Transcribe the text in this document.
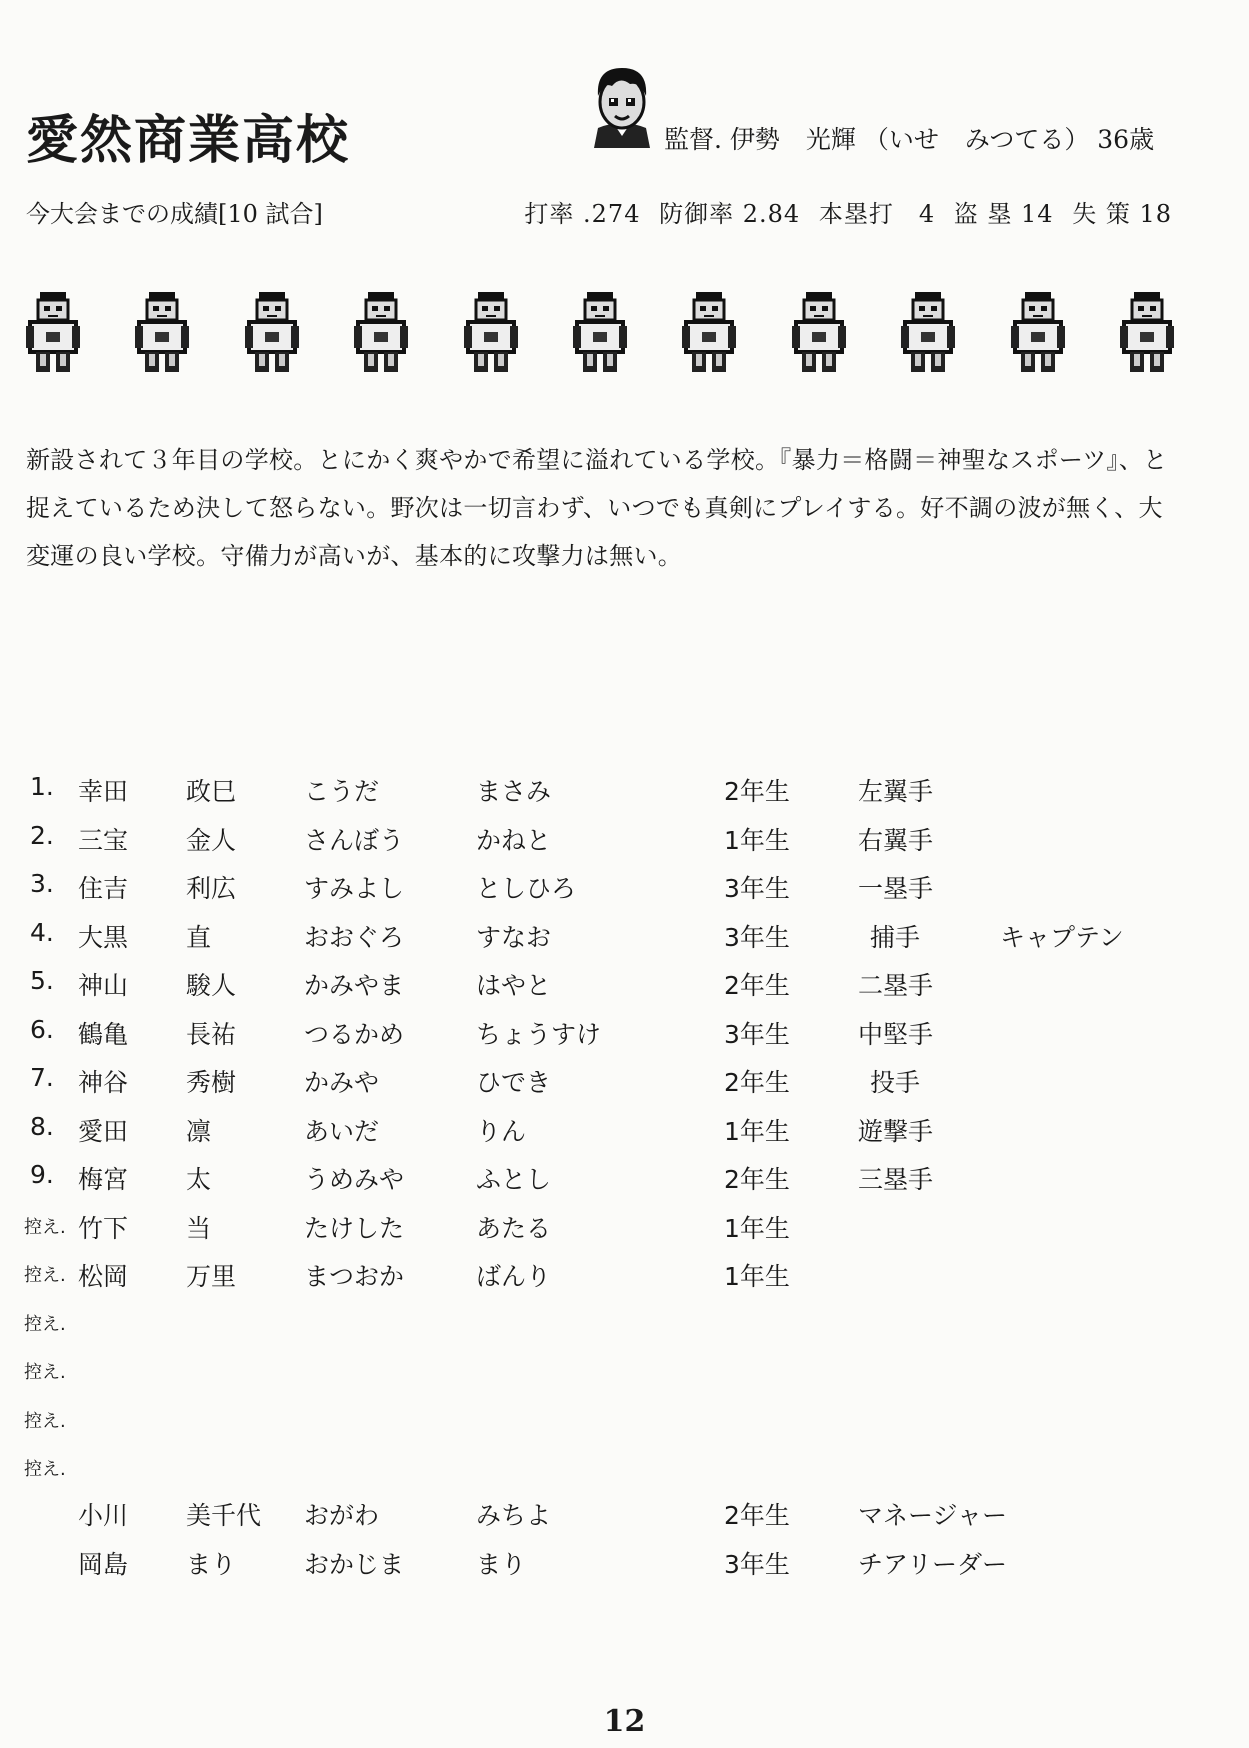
愛然商業高校	監督. 伊勢 光輝 （いせ みつてる） 36歳
今大会までの成績[10 試合]	打率 .274 防御率 2.84 本塁打　4 盗 塁 14 失 策 18

新設されて３年目の学校。とにかく爽やかで希望に溢れている学校。『暴力＝格闘＝神聖なスポーツ』、と捉えているため決して怒らない。野次は一切言わず、いつでも真剣にプレイする。好不調の波が無く、大変運の良い学校。守備力が高いが、基本的に攻撃力は無い。

1. 幸田 政巳	こうだ	まさみ	2年生	左翼手
2. 三宝 金人	さんぼう	かねと	1年生	右翼手
3. 住吉 利広	すみよし	としひろ	3年生	一塁手
4. 大黒 直	おおぐろ	すなお	3年生	捕手	キャプテン
5. 神山 駿人	かみやま	はやと	2年生	二塁手
6. 鶴亀 長祐	つるかめ	ちょうすけ	3年生	中堅手
7. 神谷 秀樹	かみや	ひでき	2年生	投手
8. 愛田 凛	あいだ	りん	1年生	遊撃手
9. 梅宮 太	うめみや	ふとし	2年生	三塁手
控え. 竹下 当	たけした	あたる	1年生
控え. 松岡 万里	まつおか	ばんり	1年生
控え.
控え.
控え.
控え.
小川 美千代 おがわ	みちよ	2年生	マネージャー
岡島 まり	おかじま	まり	3年生	チアリーダー
12
